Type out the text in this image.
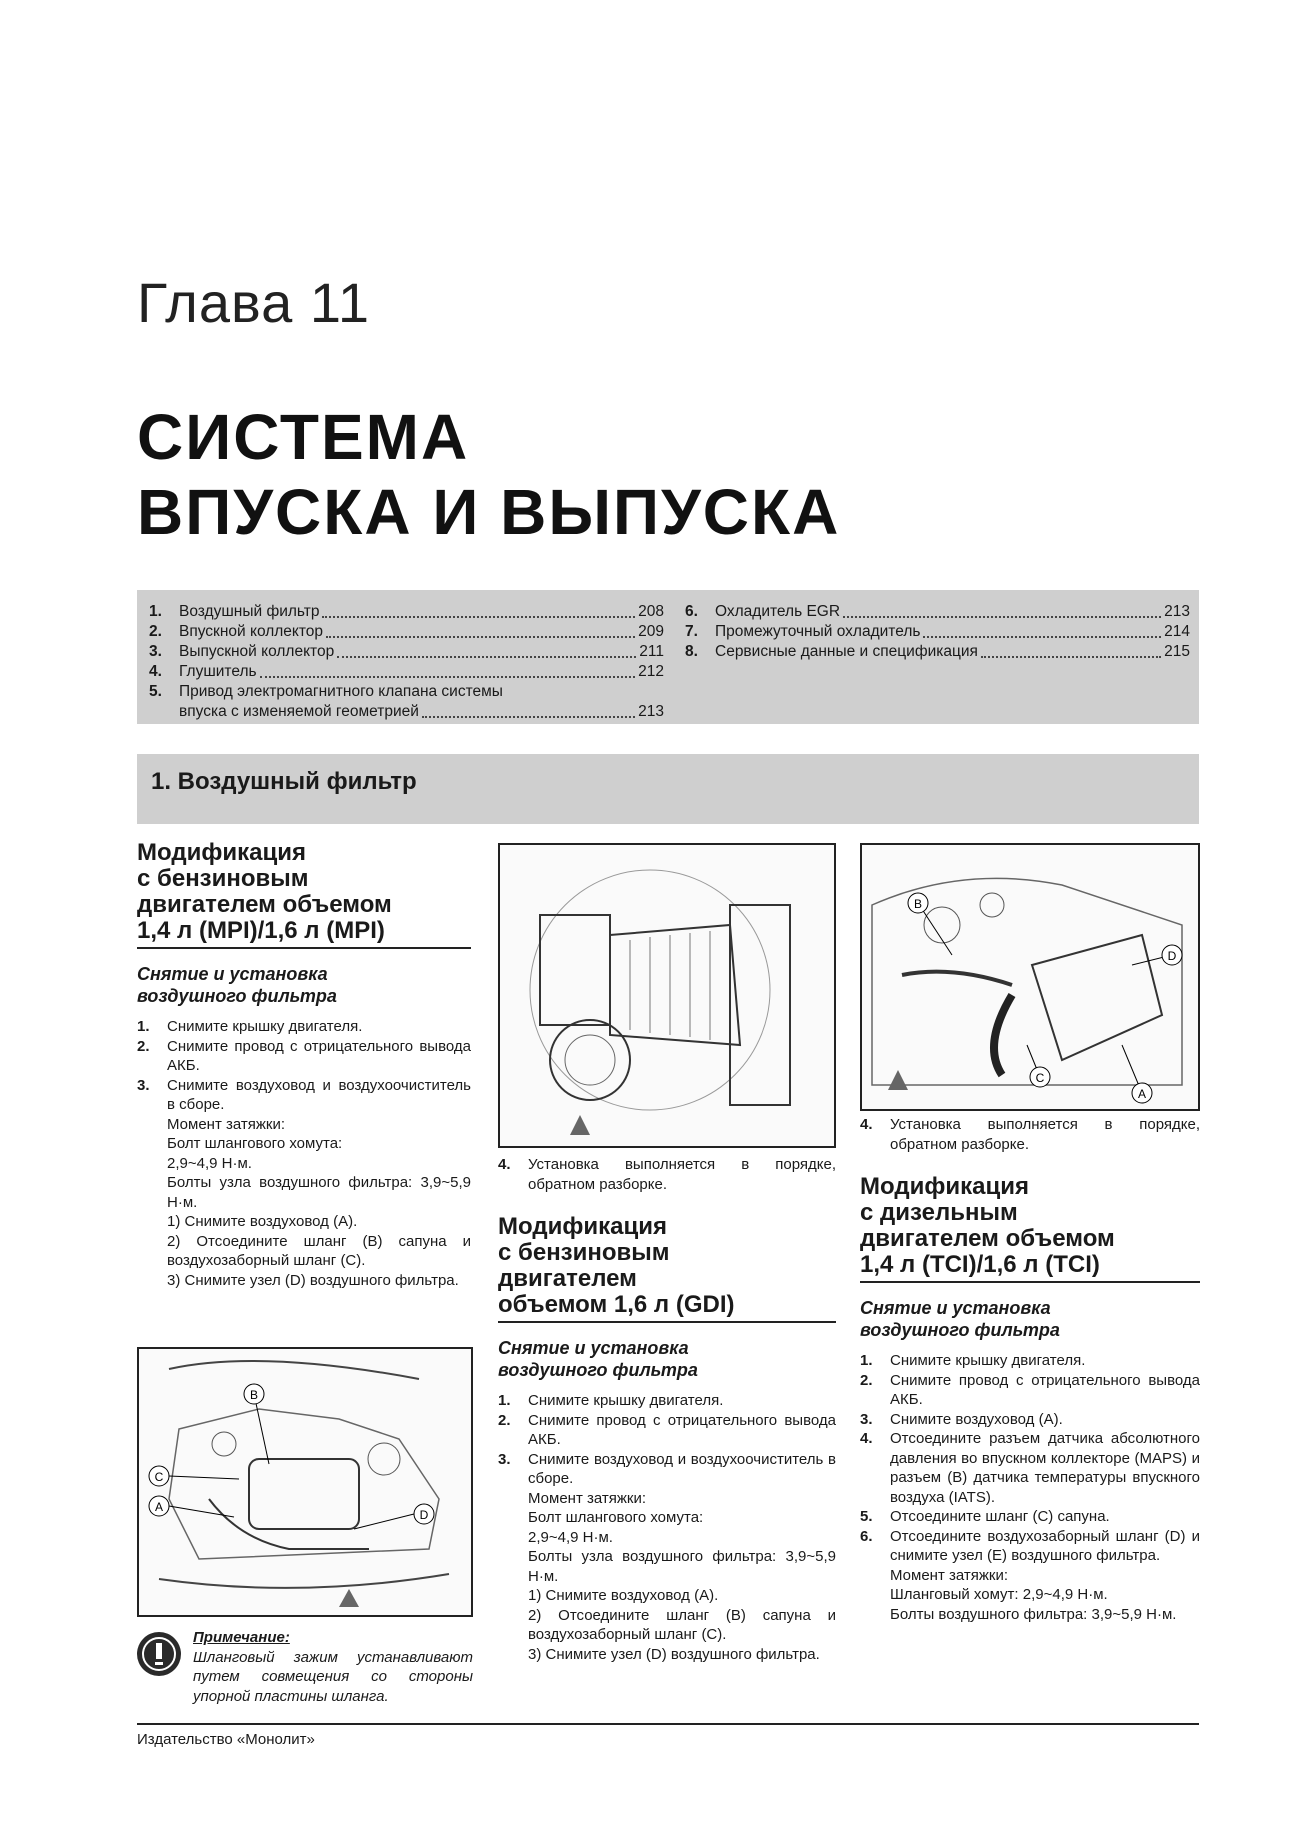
Глава 11
СИСТЕМА
ВПУСКА И ВЫПУСКА
1.	Воздушный фильтр	208
2.	Впускной коллектор	209
3.	Выпускной коллектор	211
4.	Глушитель	212
5.	Привод электромагнитного клапана системы
впуска с изменяемой геометрией	213
6.	Охладитель EGR	213
7.	Промежуточный охладитель	214
8.	Сервисные данные и спецификация	215
1. Воздушный фильтр
Модификация
с бензиновым
двигателем объемом
1,4 л (MPI)/1,6 л (MPI)
Снятие и установка
воздушного фильтра
1.	Снимите крышку двигателя.
2.	Снимите провод с отрицательного вывода АКБ.
3.	Снимите воздуховод и воздухоочиститель в сборе.
Момент затяжки:
Болт шлангового хомута:
2,9~4,9 Н·м.
Болты узла воздушного фильтра: 3,9~5,9 Н·м.
1) Снимите воздуховод (A).
2) Отсоедините шланг (B) сапуна и воздухозаборный шланг (C).
3) Снимите узел (D) воздушного фильтра.
B
C
A
D
Примечание:
Шланговый зажим устанавливают путем совмещения со стороны упорной пластины шланга.
4.	Установка выполняется в порядке, обратном разборке.
Модификация
с бензиновым
двигателем
объемом 1,6 л (GDI)
Снятие и установка
воздушного фильтра
1.	Снимите крышку двигателя.
2.	Снимите провод с отрицательного вывода АКБ.
3.	Снимите воздуховод и воздухоочиститель в сборе.
Момент затяжки:
Болт шлангового хомута:
2,9~4,9 Н·м.
Болты узла воздушного фильтра: 3,9~5,9 Н·м.
1) Снимите воздуховод (A).
2) Отсоедините шланг (B) сапуна и воздухозаборный шланг (C).
3) Снимите узел (D) воздушного фильтра.
B
D
C
A
4.	Установка выполняется в порядке, обратном разборке.
Модификация
с дизельным
двигателем объемом
1,4 л (TCI)/1,6 л (TCI)
Снятие и установка
воздушного фильтра
1.	Снимите крышку двигателя.
2.	Снимите провод с отрицательного вывода АКБ.
3.	Снимите воздуховод (A).
4.	Отсоедините разъем датчика абсолютного давления во впускном коллекторе (MAPS) и разъем (B) датчика температуры впускного воздуха (IATS).
5.	Отсоедините шланг (C) сапуна.
6.	Отсоедините воздухозаборный шланг (D) и снимите узел (E) воздушного фильтра.
Момент затяжки:
Шланговый хомут: 2,9~4,9 Н·м.
Болты воздушного фильтра: 3,9~5,9 Н·м.
Издательство «Монолит»
